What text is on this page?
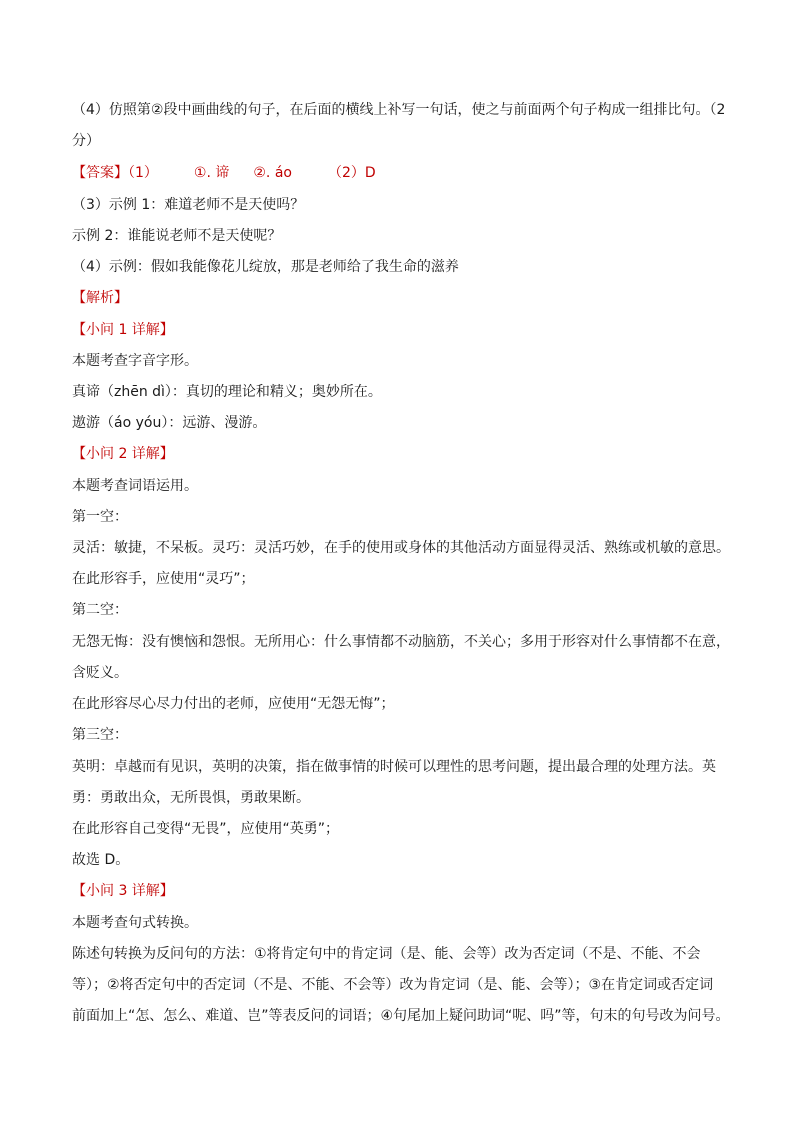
（4）仿照第②段中画曲线的句子，在后面的横线上补写一句话，使之与前面两个句子构成一组排比句。（2
分）
【答案】（1）	①. 谛 ②. áo	（2）D
（3）示例 1：难道老师不是天使吗？
示例 2：谁能说老师不是天使呢？
（4）示例：假如我能像花儿绽放，那是老师给了我生命的滋养
【解析】
【小问 1 详解】
本题考查字音字形。
真谛（zhēn dì）：真切的理论和精义；奥妙所在。
遨游（áo yóu）：远游、漫游。
【小问 2 详解】
本题考查词语运用。
第一空：
灵活：敏捷，不呆板。灵巧：灵活巧妙，在手的使用或身体的其他活动方面显得灵活、熟练或机敏的意思。
在此形容手，应使用“灵巧”；
第二空：
无怨无悔：没有懊恼和怨恨。无所用心：什么事情都不动脑筋，不关心；多用于形容对什么事情都不在意，
含贬义。
在此形容尽心尽力付出的老师，应使用“无怨无悔”；
第三空：
英明：卓越而有见识，英明的决策，指在做事情的时候可以理性的思考问题，提出最合理的处理方法。英
勇：勇敢出众，无所畏惧，勇敢果断。
在此形容自己变得“无畏”，应使用“英勇”；
故选 D。
【小问 3 详解】
本题考查句式转换。
陈述句转换为反问句的方法：①将肯定句中的肯定词（是、能、会等）改为否定词（不是、不能、不会
等）；②将否定句中的否定词（不是、不能、不会等）改为肯定词（是、能、会等）；③在肯定词或否定词
前面加上“怎、怎么、难道、岂”等表反问的词语；④句尾加上疑问助词“呢、吗”等，句末的句号改为问号。
